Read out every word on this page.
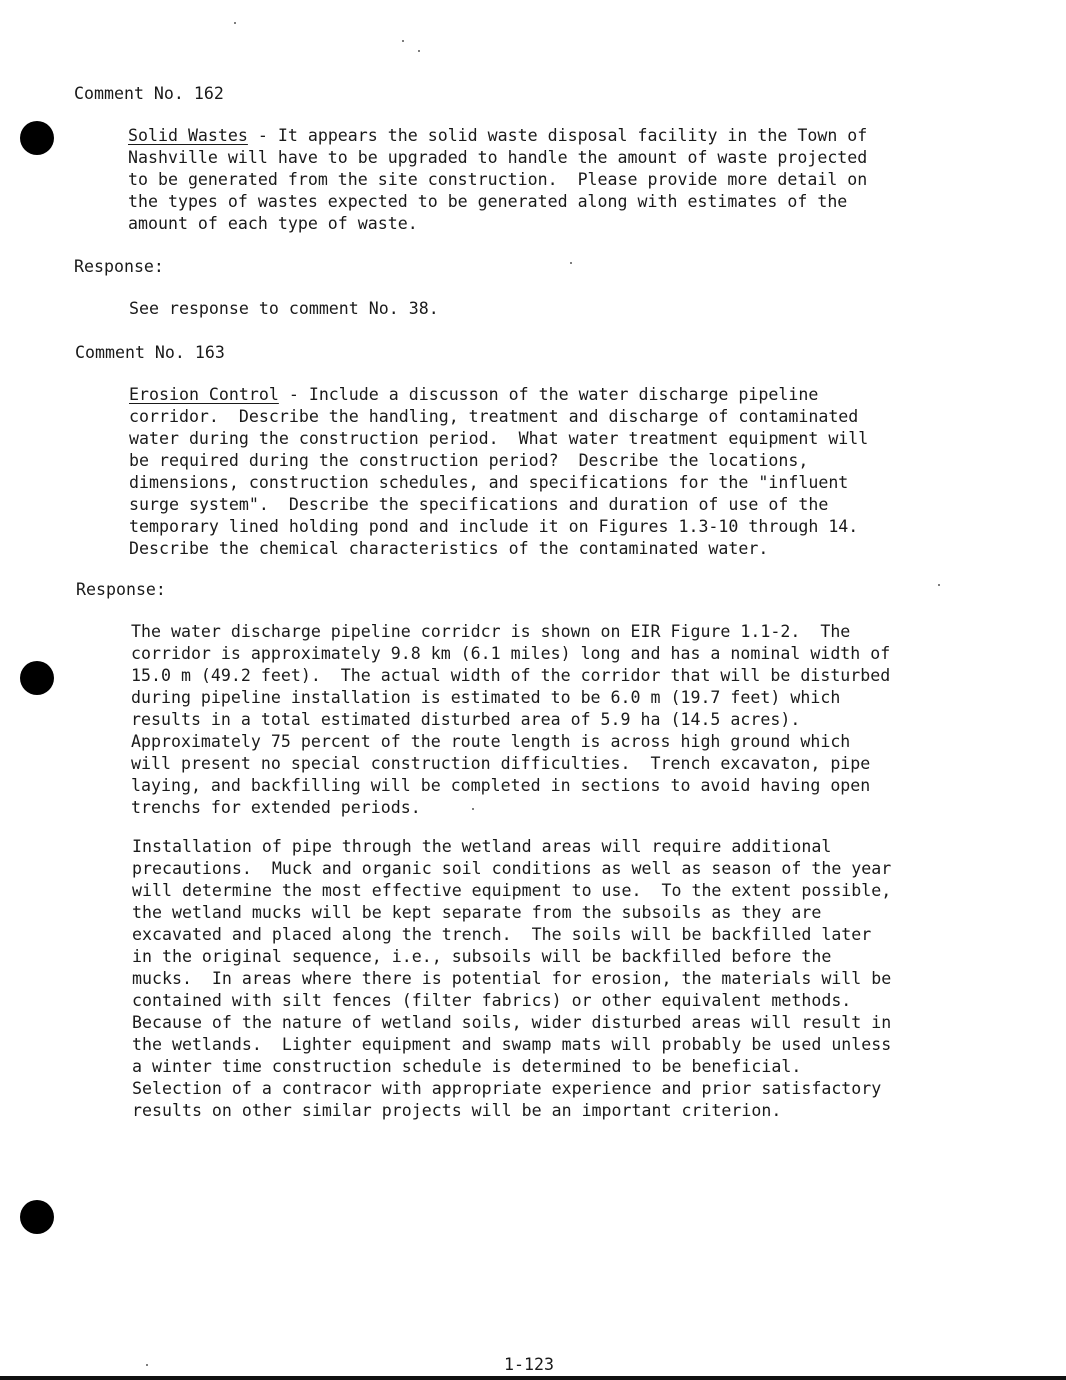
Comment No. 162
Solid Wastes - It appears the solid waste disposal facility in the Town of
Nashville will have to be upgraded to handle the amount of waste projected
to be generated from the site construction.  Please provide more detail on
the types of wastes expected to be generated along with estimates of the
amount of each type of waste.
Response:
See response to comment No. 38.
Comment No. 163
Erosion Control - Include a discusson of the water discharge pipeline
corridor.  Describe the handling, treatment and discharge of contaminated
water during the construction period.  What water treatment equipment will
be required during the construction period?  Describe the locations,
dimensions, construction schedules, and specifications for the "influent
surge system".  Describe the specifications and duration of use of the
temporary lined holding pond and include it on Figures 1.3-10 through 14.
Describe the chemical characteristics of the contaminated water.
Response:
The water discharge pipeline corridcr is shown on EIR Figure 1.1-2.  The
corridor is approximately 9.8 km (6.1 miles) long and has a nominal width of
15.0 m (49.2 feet).  The actual width of the corridor that will be disturbed
during pipeline installation is estimated to be 6.0 m (19.7 feet) which
results in a total estimated disturbed area of 5.9 ha (14.5 acres).
Approximately 75 percent of the route length is across high ground which
will present no special construction difficulties.  Trench excavaton, pipe
laying, and backfilling will be completed in sections to avoid having open
trenchs for extended periods.
Installation of pipe through the wetland areas will require additional
precautions.  Muck and organic soil conditions as well as season of the year
will determine the most effective equipment to use.  To the extent possible,
the wetland mucks will be kept separate from the subsoils as they are
excavated and placed along the trench.  The soils will be backfilled later
in the original sequence, i.e., subsoils will be backfilled before the
mucks.  In areas where there is potential for erosion, the materials will be
contained with silt fences (filter fabrics) or other equivalent methods.
Because of the nature of wetland soils, wider disturbed areas will result in
the wetlands.  Lighter equipment and swamp mats will probably be used unless
a winter time construction schedule is determined to be beneficial.
Selection of a contracor with appropriate experience and prior satisfactory
results on other similar projects will be an important criterion.
1-123
